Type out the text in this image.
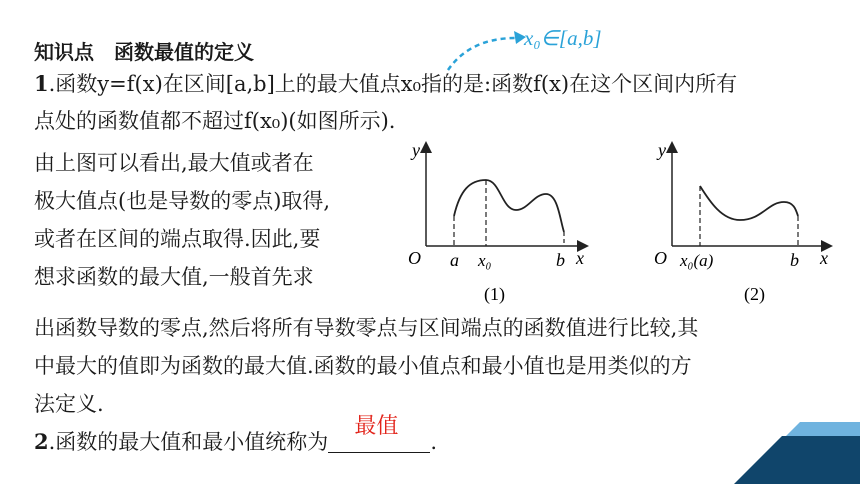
知识点　函数最值的定义
x₀∈[a,b]
1.函数y=f(x)在区间[a,b]上的最大值点x₀指的是:函数f(x)在这个区间内所有
点处的函数值都不超过f(x₀)(如图所示).
由上图可以看出,最大值或者在
极大值点(也是导数的零点)取得,
或者在区间的端点取得.因此,要
想求函数的最大值,一般首先求
出函数导数的零点,然后将所有导数零点与区间端点的函数值进行比较,其
中最大的值即为函数的最大值.函数的最小值点和最小值也是用类似的方
法定义.
y
x
O a x₀	b
(1)
y
x
O x₀(a)	b
(2)
2.函数的最大值和最小值统称为
最值
.
